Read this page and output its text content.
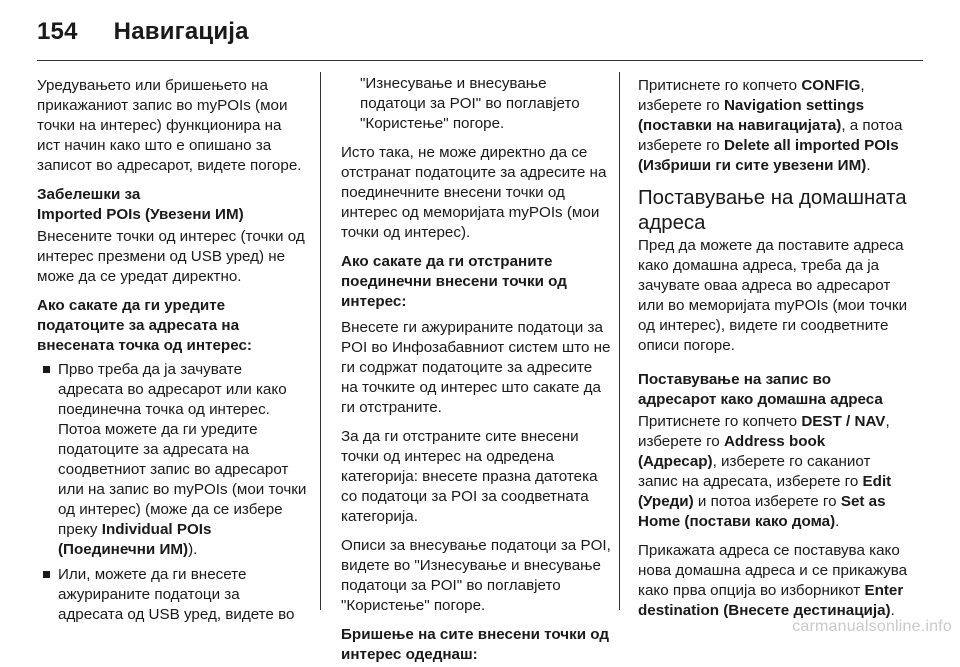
154 Навигација

Уредувањето или бришењето на прикажаниот запис во myPOIs (мои точки на интерес) функционира на ист начин како што е опишано за записот во адресарот, видете погоре.

Забелешки за
Imported POIs (Увезени ИМ)

Внесените точки од интерес (точки од интерес презмени од USB уред) не може да се уредат директно.

Ако сакате да ги уредите податоците за адресата на внесената точка од интерес:
Прво треба да ја зачувате адресата во адресарот или како поединечна точка од интерес. Потоа можете да ги уредите податоците за адресата на соодветниот запис во адресарот или на запис во myPOIs (мои точки од интерес) (може да се избере преку Individual POIs (Поединечни ИМ)).
Или, можете да ги внесете ажурираните податоци за адресата од USB уред, видете во

"Изнесување и внесување податоци за POI" во поглавјето "Користење" погоре.

Исто така, не може директно да се отстранат податоците за адресите на поединечните внесени точки од интерес од меморијата myPOIs (мои точки од интерес).

Ако сакате да ги отстраните поединечни внесени точки од интерес:

Внесете ги ажурираните податоци за POI во Инфозабавниот систем што не ги содржат податоците за адресите на точките од интерес што сакате да ги отстраните.

За да ги отстраните сите внесени точки од интерес на одредена категорија: внесете празна датотека со податоци за POI за соодветната категорија.

Описи за внесување податоци за POI, видете во "Изнесување и внесување податоци за POI" во поглавјето "Користење" погоре.

Бришење на сите внесени точки од интерес одеднаш:

Притиснете го копчето CONFIG, изберете го Navigation settings (поставки на навигацијата), а потоа изберете го Delete all imported POIs (Избриши ги сите увезени ИМ).

Поставување на домашната адреса

Пред да можете да поставите адреса како домашна адреса, треба да ја зачувате оваа адреса во адресарот или во меморијата myPOIs (мои точки од интерес), видете ги соодветните описи погоре.

Поставување на запис во адресарот како домашна адреса

Притиснете го копчето DEST / NAV, изберете го Address book (Адресар), изберете го саканиот запис на адресата, изберете го Edit (Уреди) и потоа изберете го Set as Home (постави како дома).

Прикажата адреса се поставува како нова домашна адреса и се прикажува како прва опција во изборникот Enter destination (Внесете дестинација).

carmanualsonline.info
